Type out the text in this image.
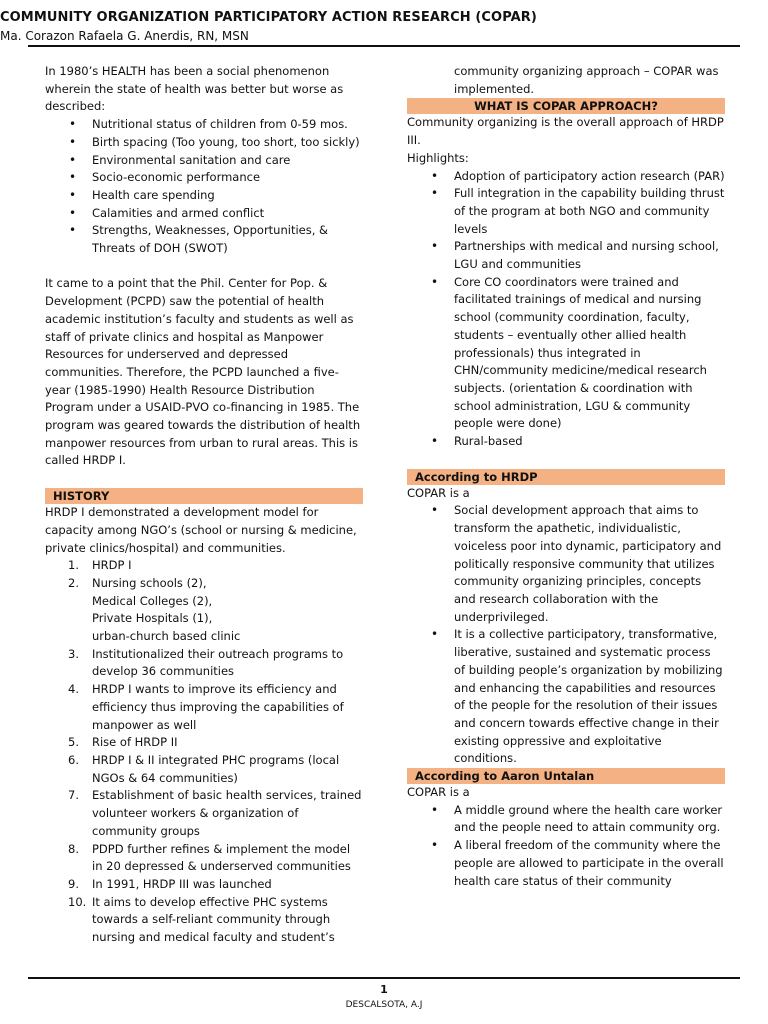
COMMUNITY ORGANIZATION PARTICIPATORY ACTION RESEARCH (COPAR)
Ma. Corazon Rafaela G. Anerdis, RN, MSN

In 1980’s HEALTH has been a social phenomenon wherein the state of health was better but worse as described:

• Nutritional status of children from 0-59 mos.
• Birth spacing (Too young, too short, too sickly)
• Environmental sanitation and care
• Socio-economic performance
• Health care spending
• Calamities and armed conflict
• Strengths, Weaknesses, Opportunities, & Threats of DOH (SWOT)

It came to a point that the Phil. Center for Pop. & Development (PCPD) saw the potential of health academic institution’s faculty and students as well as staff of private clinics and hospital as Manpower Resources for underserved and depressed communities. Therefore, the PCPD launched a five-year (1985-1990) Health Resource Distribution Program under a USAID-PVO co-financing in 1985. The program was geared towards the distribution of health manpower resources from urban to rural areas. This is called HRDP I.

HISTORY

HRDP I demonstrated a development model for capacity among NGO’s (school or nursing & medicine, private clinics/hospital) and communities.

1. HRDP I
2. Nursing schools (2),
Medical Colleges (2),
Private Hospitals (1),
urban-church based clinic
3. Institutionalized their outreach programs to develop 36 communities
4. HRDP I wants to improve its efficiency and efficiency thus improving the capabilities of manpower as well
5. Rise of HRDP II
6. HRDP I & II integrated PHC programs (local NGOs & 64 communities)
7. Establishment of basic health services, trained volunteer workers & organization of community groups
8. PDPD further refines & implement the model in 20 depressed & underserved communities
9. In 1991, HRDP III was launched
10. It aims to develop effective PHC systems towards a self-reliant community through nursing and medical faculty and student’s

community organizing approach – COPAR was implemented.

WHAT IS COPAR APPROACH?

Community organizing is the overall approach of HRDP III.

Highlights:

• Adoption of participatory action research (PAR)
• Full integration in the capability building thrust of the program at both NGO and community levels
• Partnerships with medical and nursing school, LGU and communities
• Core CO coordinators were trained and facilitated trainings of medical and nursing school (community coordination, faculty, students – eventually other allied health professionals) thus integrated in CHN/community medicine/medical research subjects. (orientation & coordination with school administration, LGU & community people were done)
• Rural-based
According to HRDP

COPAR is a

• Social development approach that aims to transform the apathetic, individualistic, voiceless poor into dynamic, participatory and politically responsive community that utilizes community organizing principles, concepts and research collaboration with the underprivileged.
• It is a collective participatory, transformative, liberative, sustained and systematic process of building people’s organization by mobilizing and enhancing the capabilities and resources of the people for the resolution of their issues and concern towards effective change in their existing oppressive and exploitative conditions.
According to Aaron Untalan

COPAR is a

• A middle ground where the health care worker and the people need to attain community org.
• A liberal freedom of the community where the people are allowed to participate in the overall health care status of their community
1
DESCALSOTA, A.J
